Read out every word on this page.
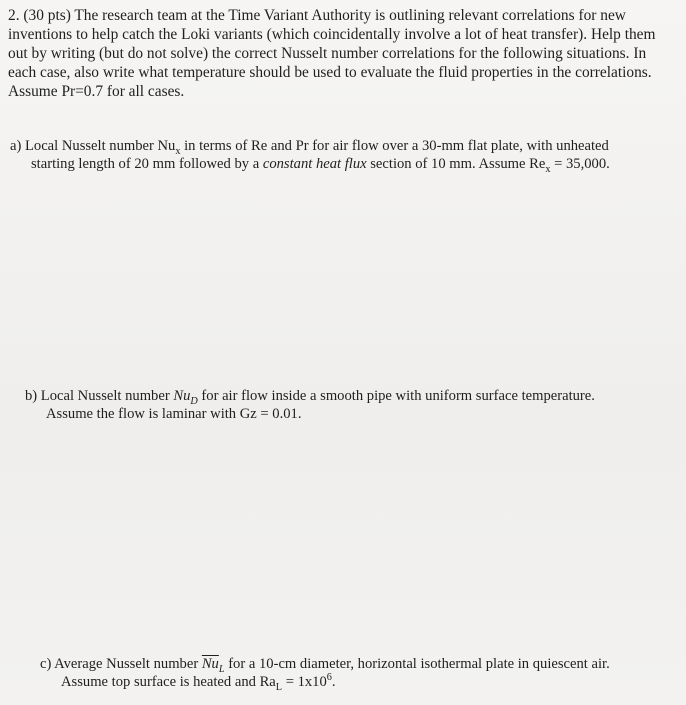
2. (30 pts) The research team at the Time Variant Authority is outlining relevant correlations for new
inventions to help catch the Loki variants (which coincidentally involve a lot of heat transfer). Help them
out by writing (but do not solve) the correct Nusselt number correlations for the following situations. In
each case, also write what temperature should be used to evaluate the fluid properties in the correlations.
Assume Pr=0.7 for all cases.
a) Local Nusselt number $Nu_x$ in terms of Re and Pr for air flow over a 30-mm flat plate, with unheated
starting length of 20 mm followed by a constant heat flux section of 10 mm. Assume $Re_x = 35,000$.
b) Local Nusselt number $Nu_D$ for air flow inside a smooth pipe with uniform surface temperature.
Assume the flow is laminar with Gz = 0.01.
c) Average Nusselt number $\overline{Nu}_L$ for a 10-cm diameter, horizontal isothermal plate in quiescent air.
Assume top surface is heated and $Ra_L = 1x10^6$.
